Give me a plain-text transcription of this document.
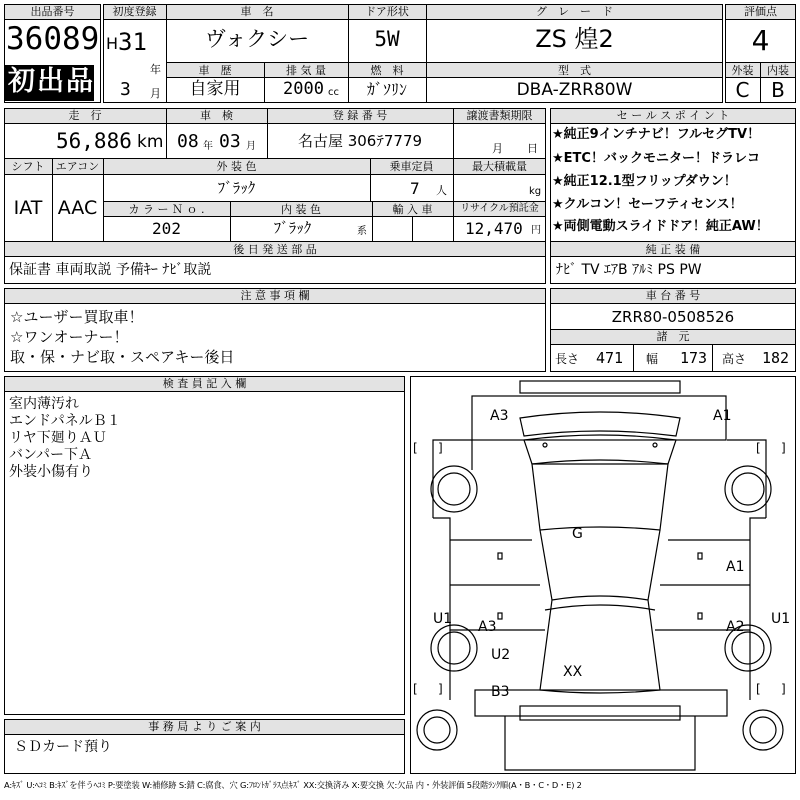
出品番号
36089
初出品
初度登録
H 31
年
3 月
車　名
ヴォクシー
車　歴
自家用
排 気 量
2000 cc
ドア形状
5W
燃　料
ｶﾞｿﾘﾝ
グ　レ　ー　ド
ZS 煌2
型　式
DBA-ZRR80W
評価点
4
外装	内装
C	B
走　行
56,886 km
車　検
08 年 03 月
登 録 番 号
名古屋 306ﾃ7779
譲渡書類期限
月 日
シフト
IAT
エアコン
AAC
外 装 色
ﾌﾞﾗｯｸ
乗車定員
7 人
最大積載量
kg
カ ラ ー Ｎ ｏ .
202
内 装 色
ﾌﾞﾗｯｸ	系
輸 入 車	リサイクル預託金
12,470 円
後 日 発 送 部 品
保証書 車両取説 予備ｷｰ ﾅﾋﾞ取説
セ ー ル ス ポ イ ン ト
★純正9インチナビ！フルセグTV！
★ETC！バックモニター！ドラレコ
★純正12.1型フリップダウン！
★クルコン！セーフティセンス！
★両側電動スライドドア！純正AW！
純 正 装 備
ﾅﾋﾞ TV ｴｱB ｱﾙﾐ PS PW
注 意 事 項 欄
☆ユーザー買取車！
☆ワンオーナー！
取・保・ナビ取・スペアキー後日
車 台 番 号
ZRR80-0508526
諸　元
長さ 471 幅 173 高さ 182
検 査 員 記 入 欄
室内薄汚れ
エンドパネルＢ１
リヤ下廻りＡＵ
バンパー下Ａ
外装小傷有り
事 務 局 よ り ご 案 内
ＳＤカード預り
[ ]	[ ]
[ ]	[ ]
A3	A1
G
A1
U1	U1
A3	A2
U2
XX
B3
A:ｷｽﾞ U:ﾍｺﾐ B:ｷｽﾞを伴うﾍｺﾐ P:要塗装 W:補修跡 S:錆 C:腐食、穴 G:ﾌﾛﾝﾄｶﾞﾗｽ点ｷｽﾞ XX:交換済み X:要交換 欠:欠品 内・外装評価 5段階ﾗﾝｸ順(A・B・C・D・E) 2
